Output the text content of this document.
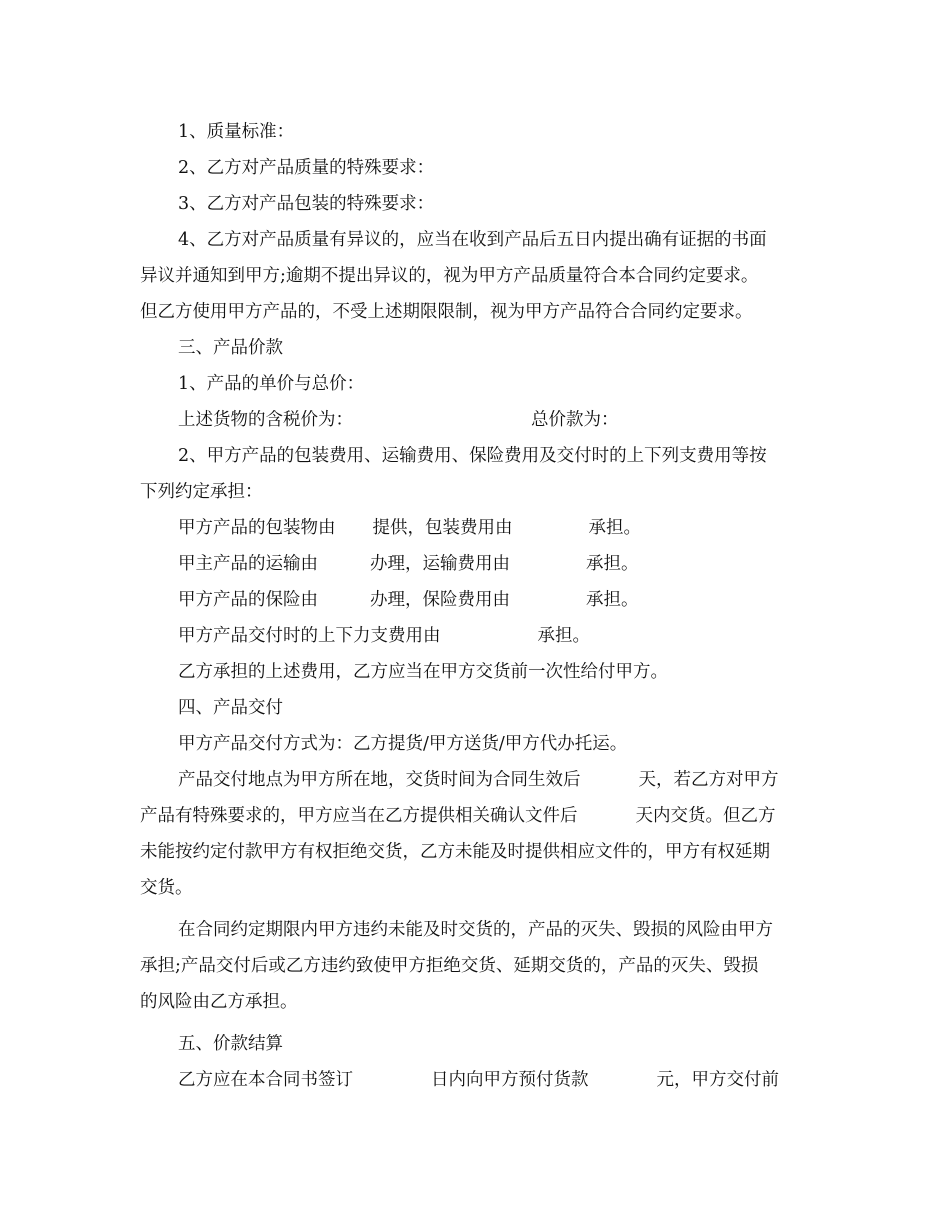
1、质量标准：
2、乙方对产品质量的特殊要求：
3、乙方对产品包装的特殊要求：
4、乙方对产品质量有异议的，应当在收到产品后五日内提出确有证据的书面
异议并通知到甲方;逾期不提出异议的，视为甲方产品质量符合本合同约定要求。
但乙方使用甲方产品的，不受上述期限限制，视为甲方产品符合合同约定要求。
三、产品价款
1、产品的单价与总价：
上述货物的含税价为：	总价款为：
2、甲方产品的包装费用、运输费用、保险费用及交付时的上下列支费用等按
下列约定承担：
甲方产品的包装物由 提供，包装费用由	承担。
甲主产品的运输由	办理，运输费用由	承担。
甲方产品的保险由	办理，保险费用由	承担。
甲方产品交付时的上下力支费用由	承担。
乙方承担的上述费用，乙方应当在甲方交货前一次性给付甲方。
四、产品交付
甲方产品交付方式为：乙方提货/甲方送货/甲方代办托运。
产品交付地点为甲方所在地，交货时间为合同生效后	天，若乙方对甲方
产品有特殊要求的，甲方应当在乙方提供相关确认文件后	天内交货。但乙方
未能按约定付款甲方有权拒绝交货，乙方未能及时提供相应文件的，甲方有权延期
交货。
在合同约定期限内甲方违约未能及时交货的，产品的灭失、毁损的风险由甲方
承担;产品交付后或乙方违约致使甲方拒绝交货、延期交货的，产品的灭失、毁损
的风险由乙方承担。
五、价款结算
乙方应在本合同书签订	日内向甲方预付货款	元，甲方交付前
